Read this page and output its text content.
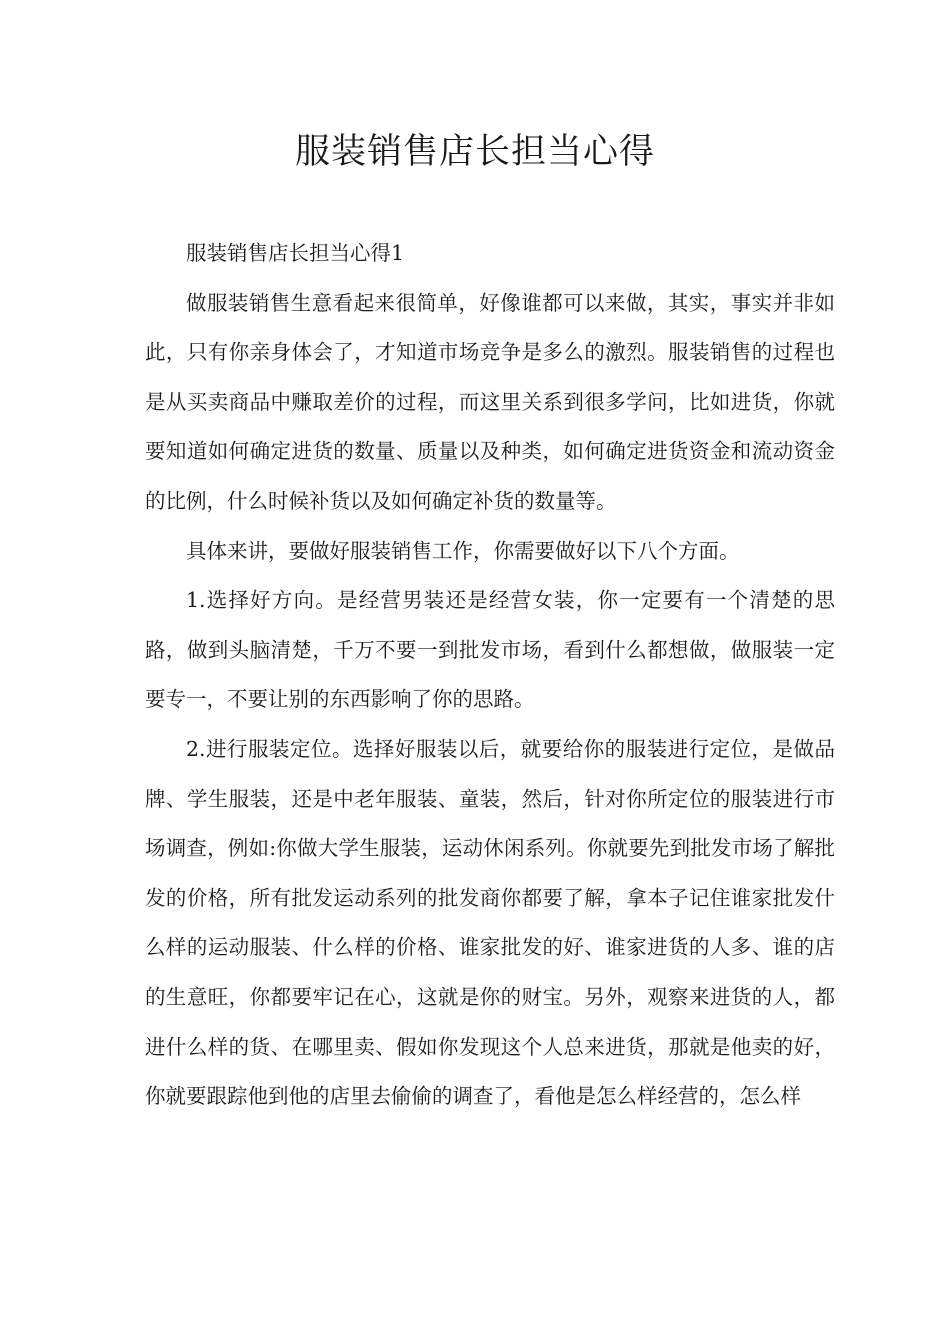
服装销售店长担当心得

服装销售店长担当心得1

做服装销售生意看起来很简单，好像谁都可以来做，其实，事实并非如此，只有你亲身体会了，才知道市场竞争是多么的激烈。服装销售的过程也是从买卖商品中赚取差价的过程，而这里关系到很多学问，比如进货，你就要知道如何确定进货的数量、质量以及种类，如何确定进货资金和流动资金的比例，什么时候补货以及如何确定补货的数量等。

具体来讲，要做好服装销售工作，你需要做好以下八个方面。

1.选择好方向。是经营男装还是经营女装，你一定要有一个清楚的思路，做到头脑清楚，千万不要一到批发市场，看到什么都想做，做服装一定要专一，不要让别的东西影响了你的思路。

2.进行服装定位。选择好服装以后，就要给你的服装进行定位，是做品牌、学生服装，还是中老年服装、童装，然后，针对你所定位的服装进行市场调查，例如:你做大学生服装，运动休闲系列。你就要先到批发市场了解批发的价格，所有批发运动系列的批发商你都要了解，拿本子记住谁家批发什么样的运动服装、什么样的价格、谁家批发的好、谁家进货的人多、谁的店的生意旺，你都要牢记在心，这就是你的财宝。另外，观察来进货的人，都进什么样的货、在哪里卖、假如你发现这个人总来进货，那就是他卖的好，你就要跟踪他到他的店里去偷偷的调查了，看他是怎么样经营的，怎么样
